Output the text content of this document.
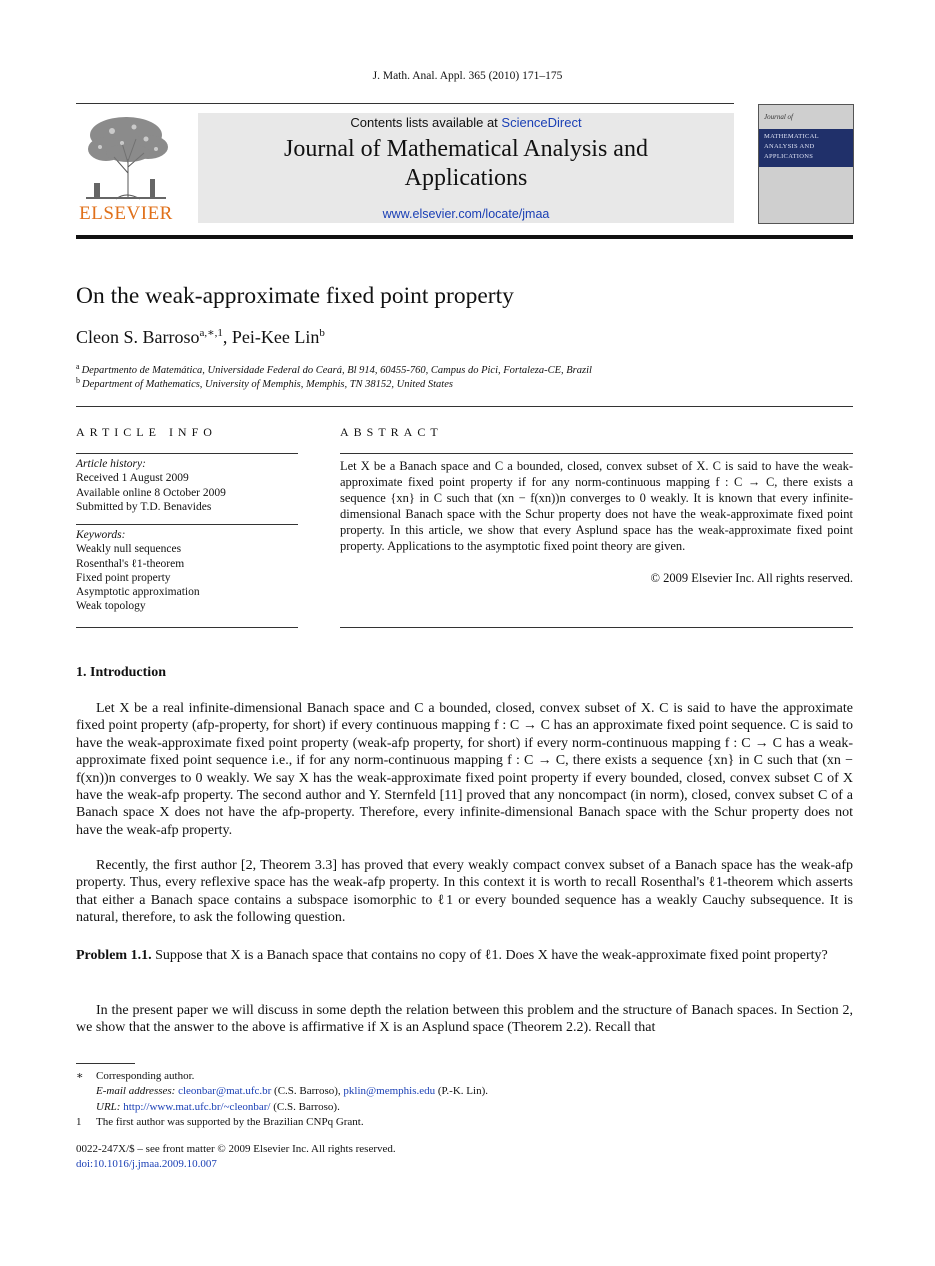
J. Math. Anal. Appl. 365 (2010) 171–175
ELSEVIER
Contents lists available at ScienceDirect
Journal of Mathematical Analysis and
Applications
www.elsevier.com/locate/jmaa
Journal of
MATHEMATICAL
ANALYSIS AND
APPLICATIONS
On the weak-approximate fixed point property
Cleon S. Barroso$^{a,∗,1}$, Pei-Kee Lin$^b$
$^a$ Departmento de Matemática, Universidade Federal do Ceará, Bl 914, 60455-760, Campus do Pici, Fortaleza-CE, Brazil
$^b$ Department of Mathematics, University of Memphis, Memphis, TN 38152, United States
ARTICLE INFO
Article history:
Received 1 August 2009
Available online 8 October 2009
Submitted by T.D. Benavides
Keywords:
Weakly null sequences
Rosenthal's ℓ1-theorem
Fixed point property
Asymptotic approximation
Weak topology
ABSTRACT
Let X be a Banach space and C a bounded, closed, convex subset of X. C is said to have the weak-approximate fixed point property if for any norm-continuous mapping f : C → C, there exists a sequence {xn} in C such that (xn − f(xn))n converges to 0 weakly. It is known that every infinite-dimensional Banach space with the Schur property does not have the weak-approximate fixed point property. In this article, we show that every Asplund space has the weak-approximate fixed point property. Applications to the asymptotic fixed point theory are given.
© 2009 Elsevier Inc. All rights reserved.
1. Introduction
Let X be a real infinite-dimensional Banach space and C a bounded, closed, convex subset of X. C is said to have the approximate fixed point property (afp-property, for short) if every continuous mapping f : C → C has an approximate fixed point sequence. C is said to have the weak-approximate fixed point property (weak-afp property, for short) if every norm-continuous mapping f : C → C has a weak-approximate fixed point sequence i.e., if for any norm-continuous mapping f : C → C, there exists a sequence {xn} in C such that (xn − f(xn))n converges to 0 weakly. We say X has the weak-approximate fixed point property if every bounded, closed, convex subset C of X have the weak-afp property. The second author and Y. Sternfeld [11] proved that any noncompact (in norm), closed, convex subset C of a Banach space X does not have the afp-property. Therefore, every infinite-dimensional Banach space with the Schur property does not have the weak-afp property.
Recently, the first author [2, Theorem 3.3] has proved that every weakly compact convex subset of a Banach space has the weak-afp property. Thus, every reflexive space has the weak-afp property. In this context it is worth to recall Rosenthal's ℓ1-theorem which asserts that either a Banach space contains a subspace isomorphic to ℓ1 or every bounded sequence has a weakly Cauchy subsequence. It is natural, therefore, to ask the following question.
Problem 1.1. Suppose that X is a Banach space that contains no copy of ℓ1. Does X have the weak-approximate fixed point property?
In the present paper we will discuss in some depth the relation between this problem and the structure of Banach spaces. In Section 2, we show that the answer to the above is affirmative if X is an Asplund space (Theorem 2.2). Recall that
∗ Corresponding author.
E-mail addresses: cleonbar@mat.ufc.br (C.S. Barroso), pklin@memphis.edu (P.-K. Lin).
URL: http://www.mat.ufc.br/~cleonbar/ (C.S. Barroso).
1 The first author was supported by the Brazilian CNPq Grant.
0022-247X/$ – see front matter © 2009 Elsevier Inc. All rights reserved.
doi:10.1016/j.jmaa.2009.10.007
